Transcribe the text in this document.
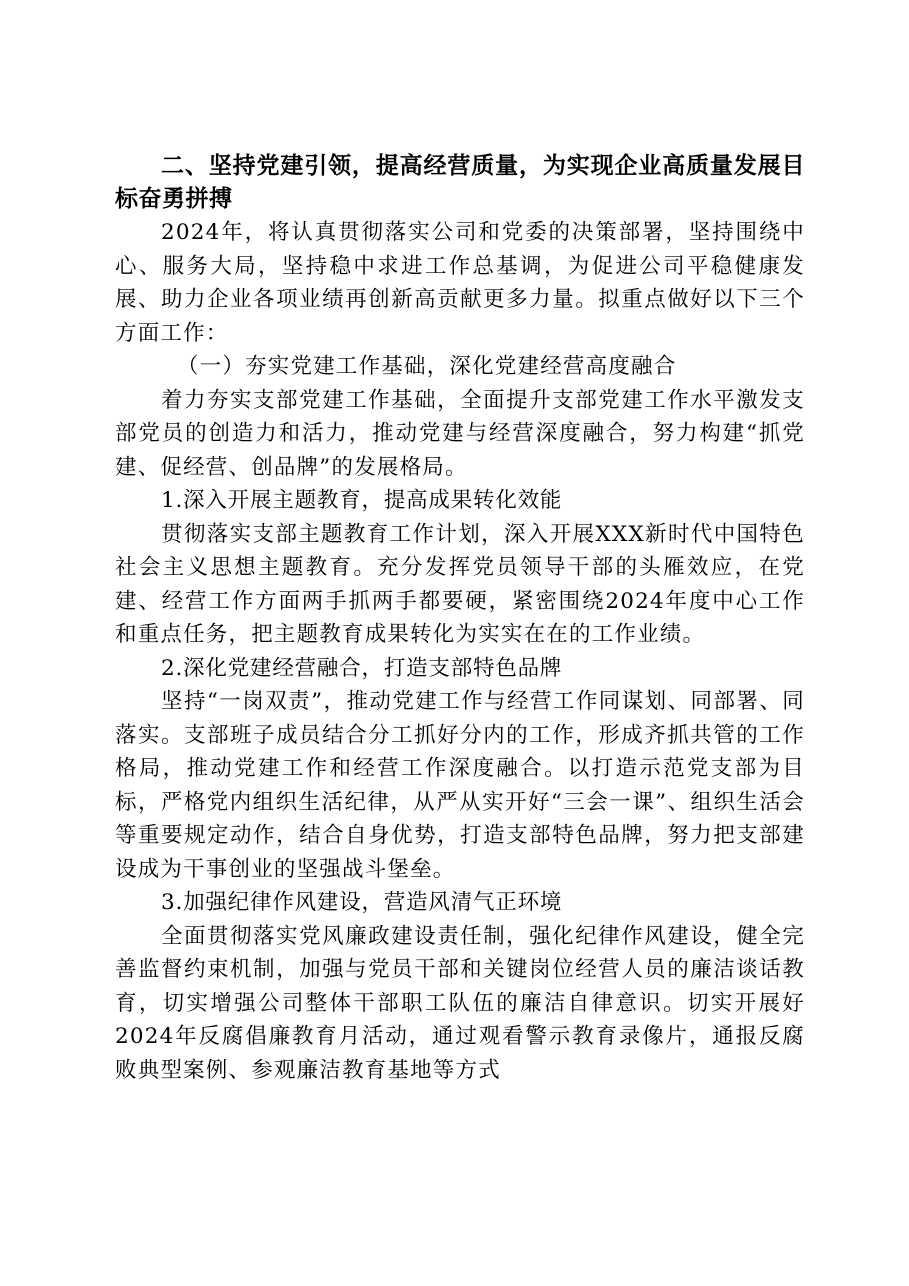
二、坚持党建引领，提高经营质量，为实现企业高质量发展目标奋勇拼搏

2024年，将认真贯彻落实公司和党委的决策部署，坚持围绕中心、服务大局，坚持稳中求进工作总基调，为促进公司平稳健康发展、助力企业各项业绩再创新高贡献更多力量。拟重点做好以下三个方面工作：

（一）夯实党建工作基础，深化党建经营高度融合

着力夯实支部党建工作基础，全面提升支部党建工作水平激发支部党员的创造力和活力，推动党建与经营深度融合，努力构建“抓党建、促经营、创品牌”的发展格局。

1.深入开展主题教育，提高成果转化效能

贯彻落实支部主题教育工作计划，深入开展XXX新时代中国特色社会主义思想主题教育。充分发挥党员领导干部的头雁效应，在党建、经营工作方面两手抓两手都要硬，紧密围绕2024年度中心工作和重点任务，把主题教育成果转化为实实在在的工作业绩。

2.深化党建经营融合，打造支部特色品牌

坚持“一岗双责”，推动党建工作与经营工作同谋划、同部署、同落实。支部班子成员结合分工抓好分内的工作，形成齐抓共管的工作格局，推动党建工作和经营工作深度融合。以打造示范党支部为目标，严格党内组织生活纪律，从严从实开好“三会一课”、组织生活会等重要规定动作，结合自身优势，打造支部特色品牌，努力把支部建设成为干事创业的坚强战斗堡垒。

3.加强纪律作风建设，营造风清气正环境

全面贯彻落实党风廉政建设责任制，强化纪律作风建设，健全完善监督约束机制，加强与党员干部和关键岗位经营人员的廉洁谈话教育，切实增强公司整体干部职工队伍的廉洁自律意识。切实开展好2024年反腐倡廉教育月活动，通过观看警示教育录像片，通报反腐败典型案例、参观廉洁教育基地等方式
